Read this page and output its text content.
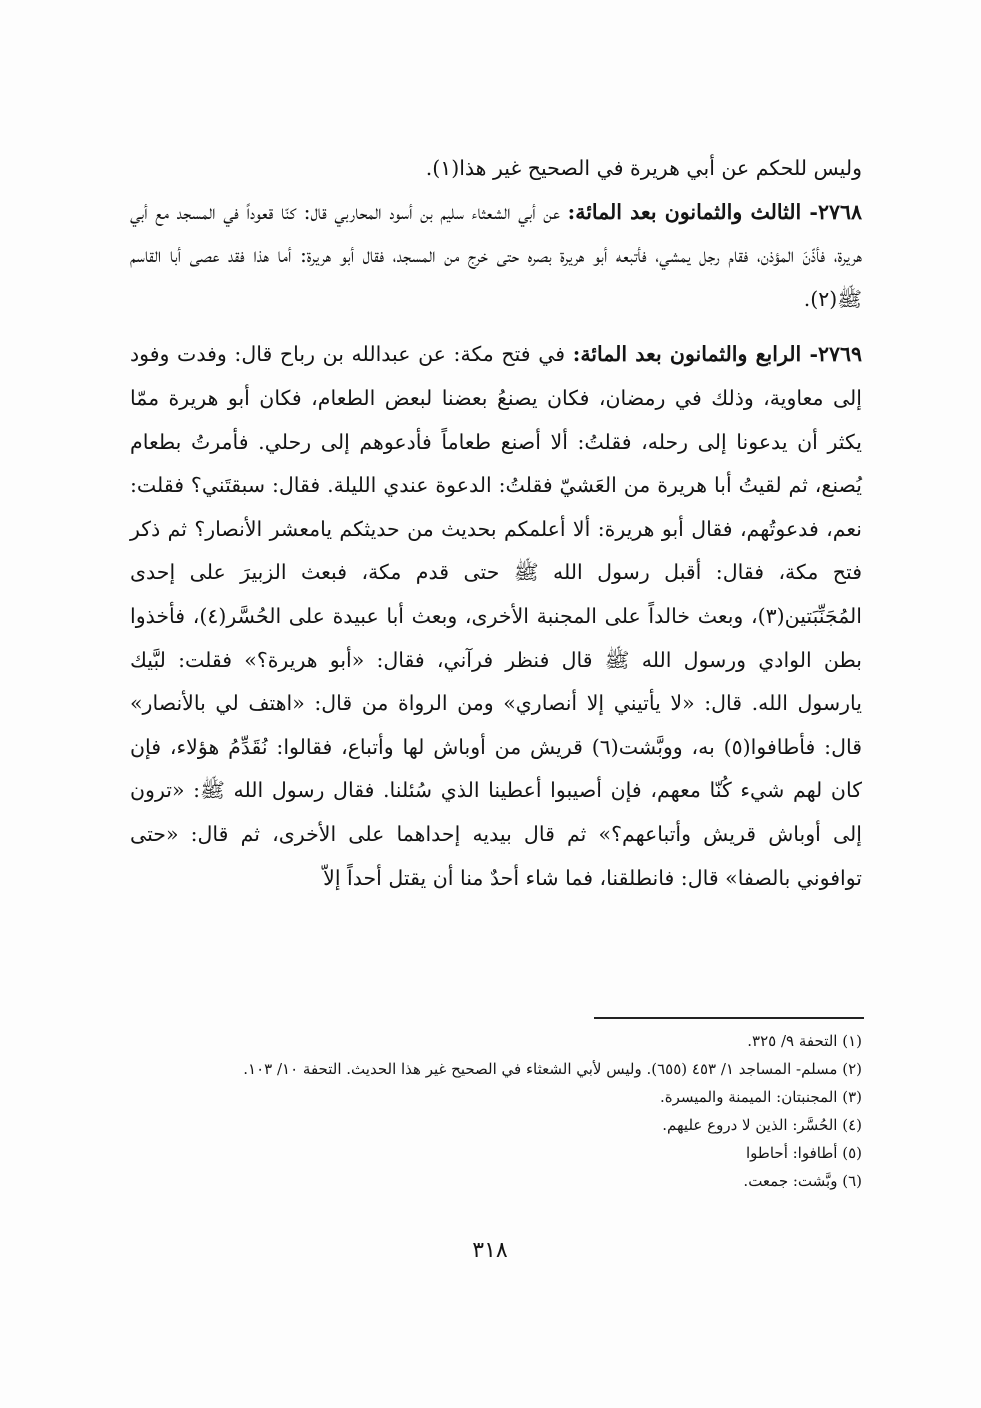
وليس للحكم عن أبي هريرة في الصحيح غير هذا(١).

٢٧٦٨- الثالث والثمانون بعد المائة: عن أبي الشعثاء سليم بن أسود المحاربي قال: كنّا قعوداً في المسجد مع أبي هريرة، فأذّنَ المؤذن، فقام رجل يمشي، فأتبعه أبو هريرة بصره حتى خرج من المسجد، فقال أبو هريرة: أما هذا فقد عصى أبا القاسم ﷺ(٢).

٢٧٦٩- الرابع والثمانون بعد المائة: في فتح مكة: عن عبدالله بن رباح قال: وفدت وفود إلى معاوية، وذلك في رمضان، فكان يصنعُ بعضنا لبعض الطعام، فكان أبو هريرة ممّا يكثر أن يدعونا إلى رحله، فقلتُ: ألا أصنع طعاماً فأدعوهم إلى رحلي. فأمرتُ بطعام يُصنع، ثم لقيتُ أبا هريرة من العَشيّ فقلتُ: الدعوة عندي الليلة. فقال: سبقتَني؟ فقلت: نعم، فدعوتُهم، فقال أبو هريرة: ألا أعلمكم بحديث من حديثكم يامعشر الأنصار؟ ثم ذكر فتح مكة، فقال: أقبل رسول الله ﷺ حتى قدم مكة، فبعث الزبيرَ على إحدى المُجَنِّبَتين(٣)، وبعث خالداً على المجنبة الأخرى، وبعث أبا عبيدة على الحُسَّر(٤)، فأخذوا بطن الوادي ورسول الله ﷺ قال فنظر فرآني، فقال: «أبو هريرة؟» فقلت: لبَّيك يارسول الله. قال: «لا يأتيني إلا أنصاري» ومن الرواة من قال: «اهتف لي بالأنصار» قال: فأطافوا(٥) به، ووبَّشت(٦) قريش من أوباش لها وأتباع، فقالوا: نُقَدِّمُ هؤلاء، فإن كان لهم شيء كُنّا معهم، فإن أصيبوا أعطينا الذي سُئلنا. فقال رسول الله ﷺ: «ترون إلى أوباش قريش وأتباعهم؟» ثم قال بيديه إحداهما على الأخرى، ثم قال: «حتى توافوني بالصفا» قال: فانطلقنا، فما شاء أحدٌ منا أن يقتل أحداً إلاّ

(١) التحفة ٩/ ٣٢٥.
(٢) مسلم- المساجد ١/ ٤٥٣ (٦٥٥). وليس لأبي الشعثاء في الصحيح غير هذا الحديث. التحفة ١٠/ ١٠٣.
(٣) المجنبتان: الميمنة والميسرة.
(٤) الحُسَّر: الذين لا دروع عليهم.
(٥) أطافوا: أحاطوا
(٦) وبَّشت: جمعت.
٣١٨
